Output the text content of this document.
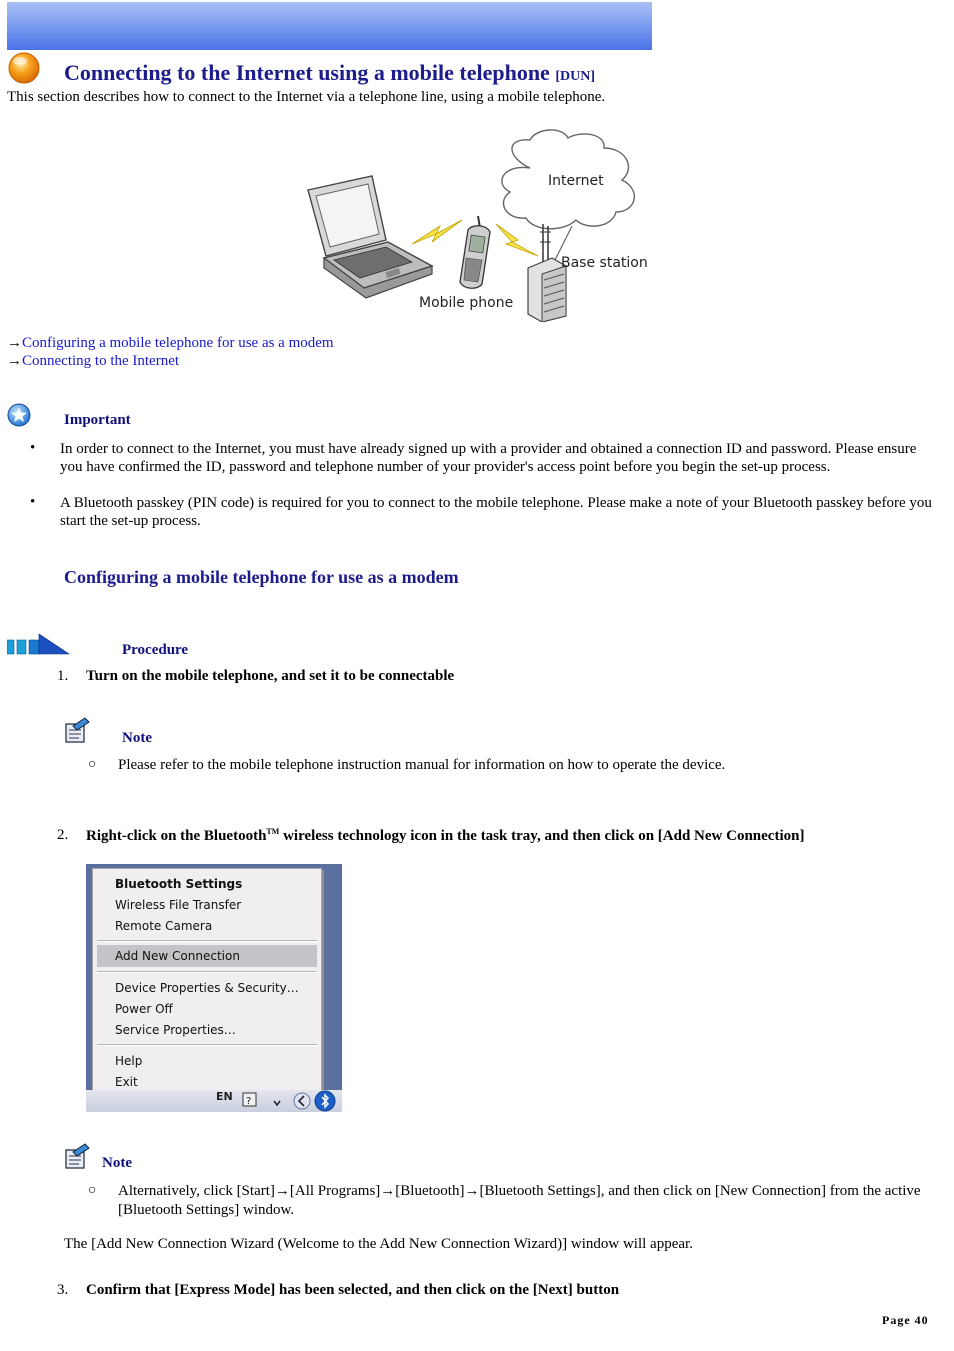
Connecting to the Internet using a mobile telephone [DUN]
This section describes how to connect to the Internet via a telephone line, using a mobile telephone.
Internet
Base station
Mobile phone
→Configuring a mobile telephone for use as a modem
→Connecting to the Internet
Important
• In order to connect to the Internet, you must have already signed up with a provider and obtained a connection ID and password. Please ensure you have confirmed the ID, password and telephone number of your provider's access point before you begin the set-up process.
• A Bluetooth passkey (PIN code) is required for you to connect to the mobile telephone. Please make a note of your Bluetooth passkey before you start the set-up process.
Configuring a mobile telephone for use as a modem
Procedure
1. Turn on the mobile telephone, and set it to be connectable
Note
○ Please refer to the mobile telephone instruction manual for information on how to operate the device.
2. Right-click on the Bluetooth™ wireless technology icon in the task tray, and then click on [Add New Connection]
Bluetooth Settings
Wireless File Transfer
Remote Camera
Add New Connection
Device Properties & Security…
Power Off
Service Properties…
Help
Exit
EN ?
Note
○ Alternatively, click [Start]→[All Programs]→[Bluetooth]→[Bluetooth Settings], and then click on [New Connection] from the active [Bluetooth Settings] window.
The [Add New Connection Wizard (Welcome to the Add New Connection Wizard)] window will appear.
3. Confirm that [Express Mode] has been selected, and then click on the [Next] button
Page 40
